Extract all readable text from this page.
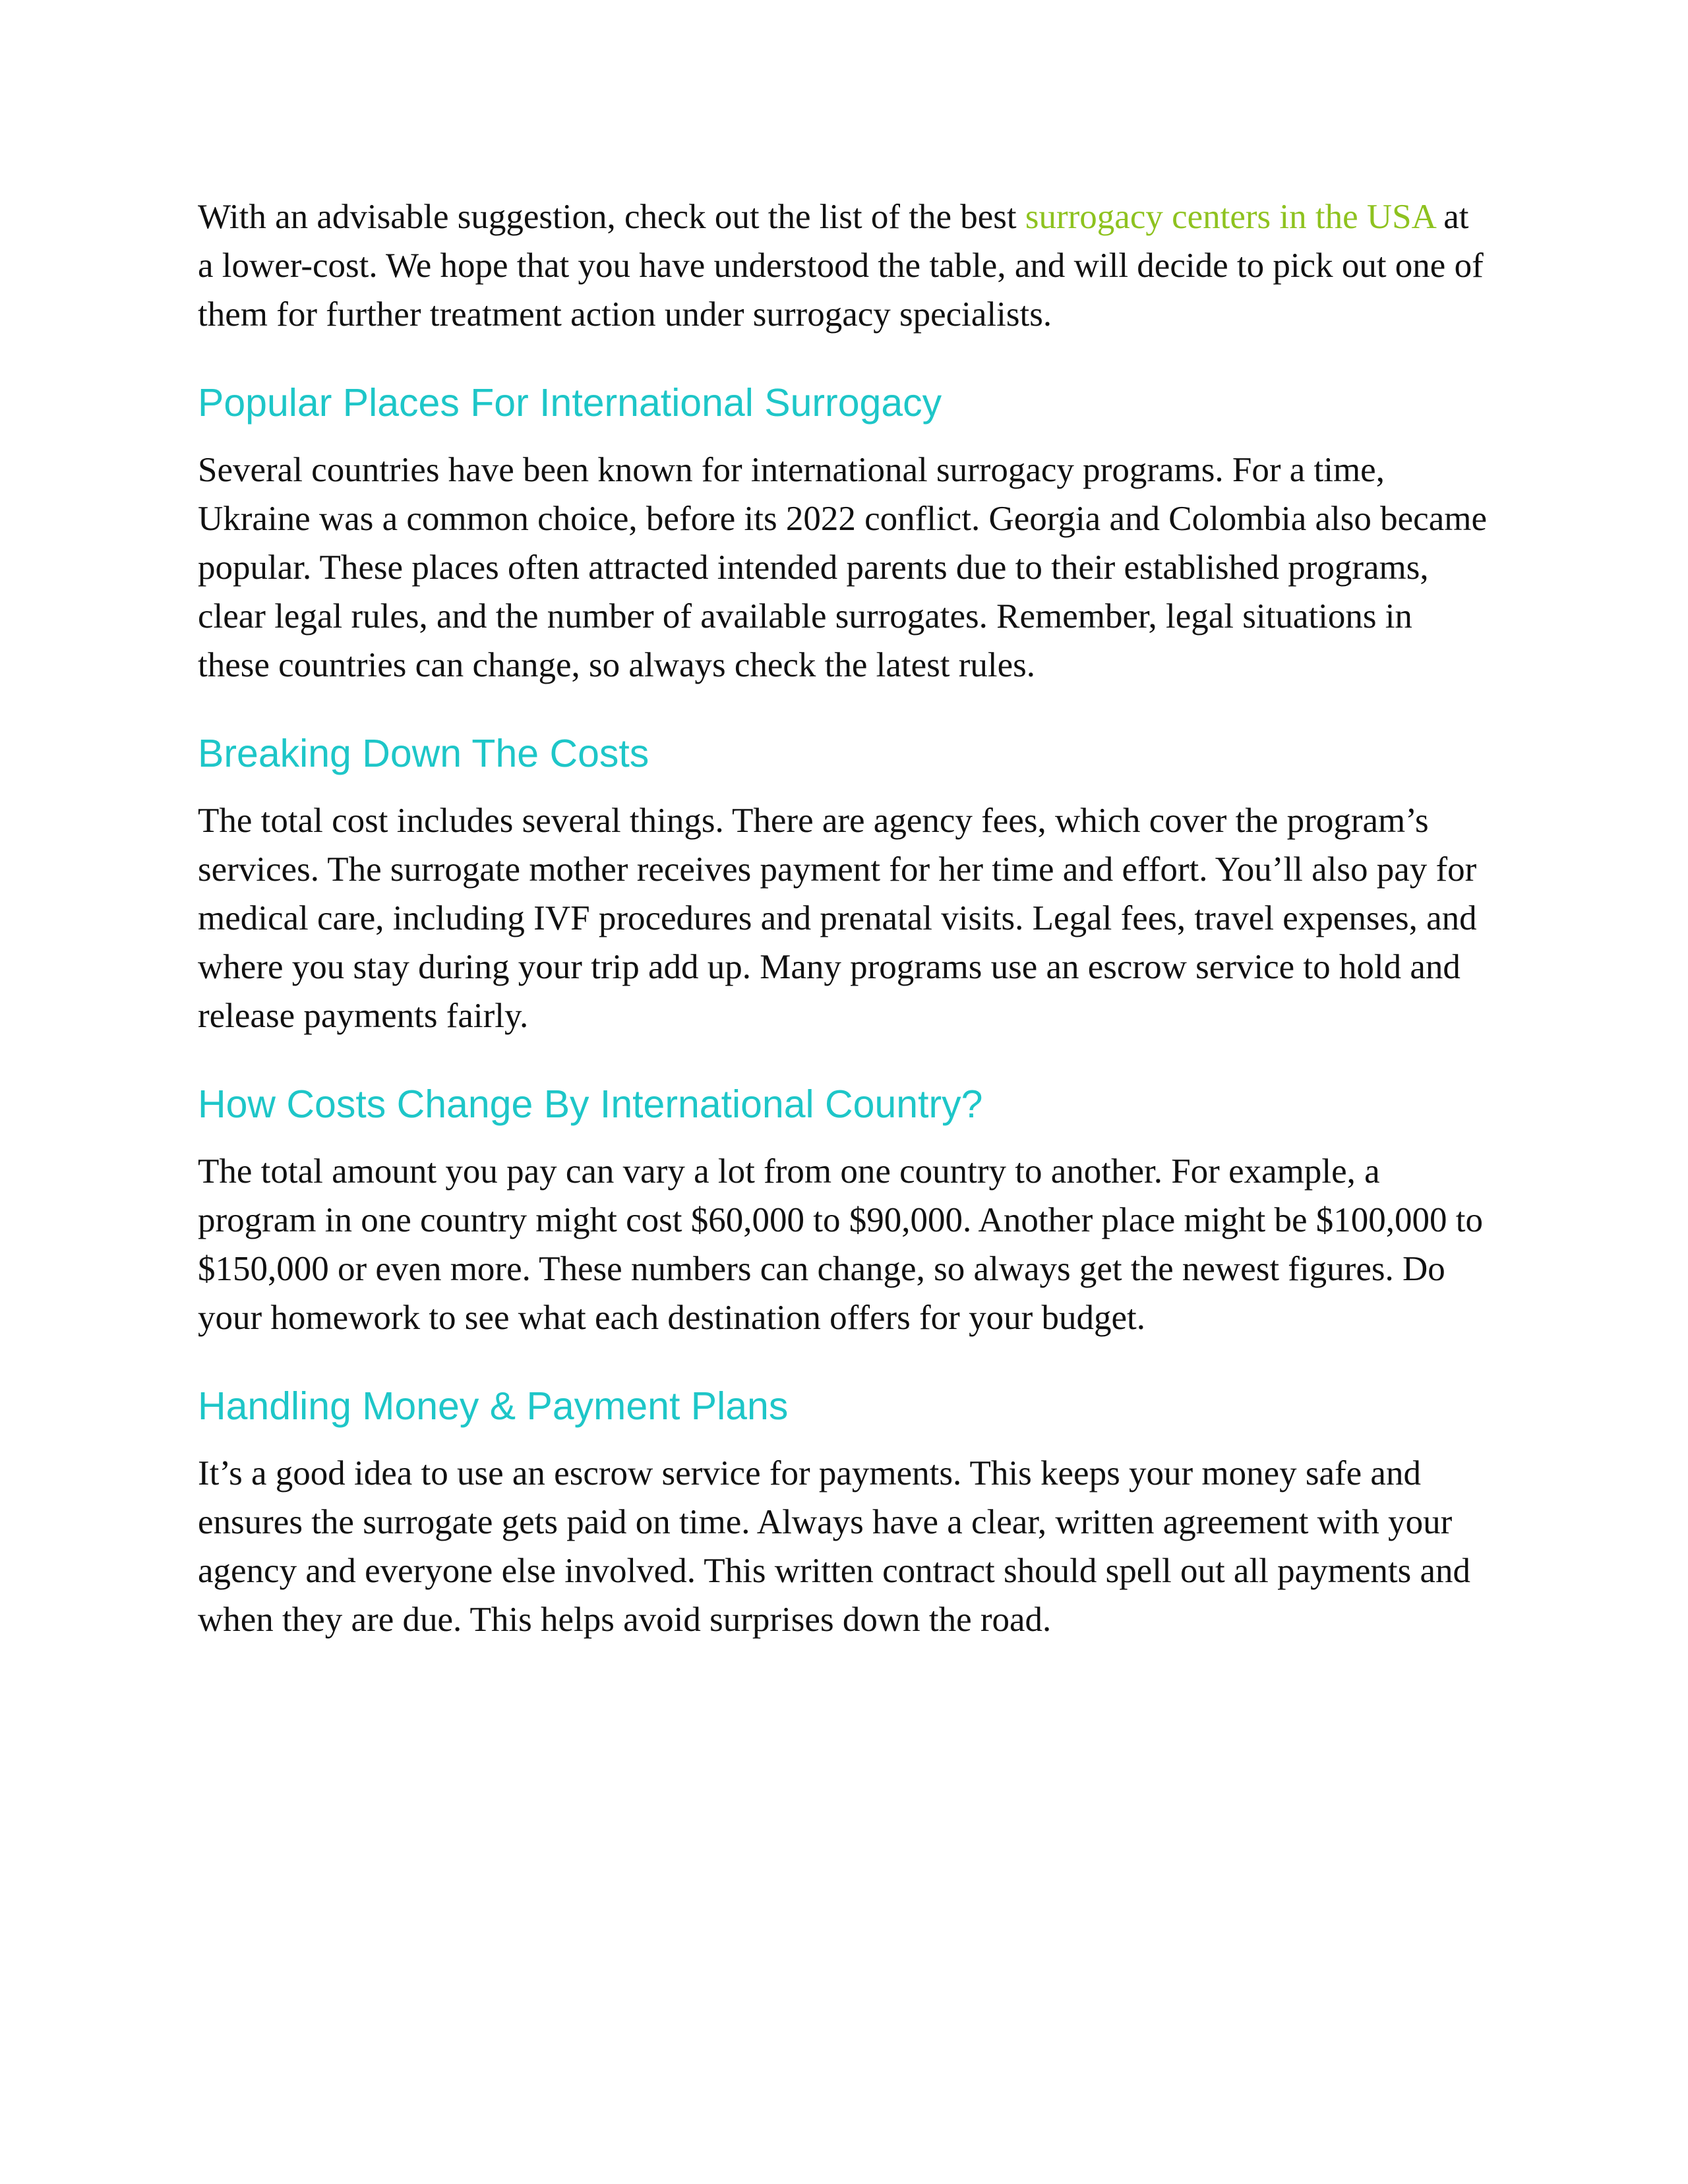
With an advisable suggestion, check out the list of the best surrogacy centers in the USA at a lower-cost. We hope that you have understood the table, and will decide to pick out one of them for further treatment action under surrogacy specialists.

Popular Places For International Surrogacy

Several countries have been known for international surrogacy programs. For a time, Ukraine was a common choice, before its 2022 conflict. Georgia and Colombia also became popular. These places often attracted intended parents due to their established programs, clear legal rules, and the number of available surrogates. Remember, legal situations in these countries can change, so always check the latest rules.

Breaking Down The Costs

The total cost includes several things. There are agency fees, which cover the program’s services. The surrogate mother receives payment for her time and effort. You’ll also pay for medical care, including IVF procedures and prenatal visits. Legal fees, travel expenses, and where you stay during your trip add up. Many programs use an escrow service to hold and release payments fairly.

How Costs Change By International Country?

The total amount you pay can vary a lot from one country to another. For example, a program in one country might cost $60,000 to $90,000. Another place might be $100,000 to $150,000 or even more. These numbers can change, so always get the newest figures. Do your homework to see what each destination offers for your budget.

Handling Money & Payment Plans

It’s a good idea to use an escrow service for payments. This keeps your money safe and ensures the surrogate gets paid on time. Always have a clear, written agreement with your agency and everyone else involved. This written contract should spell out all payments and when they are due. This helps avoid surprises down the road.
